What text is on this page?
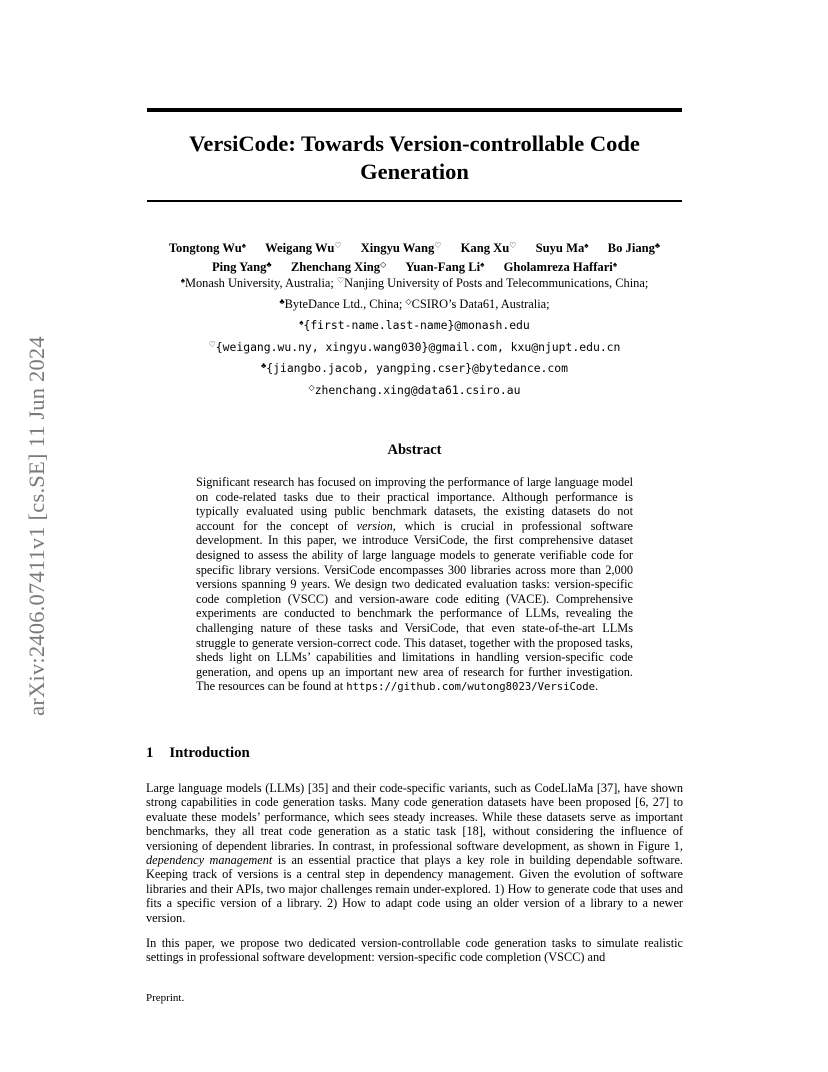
arXiv:2406.07411v1 [cs.SE] 11 Jun 2024
VersiCode: Towards Version-controllable Code Generation
Tongtong Wu♠ Weigang Wu♡ Xingyu Wang♡ Kang Xu♡ Suyu Ma♠ Bo Jiang♣
Ping Yang♣ Zhenchang Xing◇ Yuan-Fang Li♠ Gholamreza Haffari♠
♠Monash University, Australia; ♡Nanjing University of Posts and Telecommunications, China;
♣ByteDance Ltd., China; ◇CSIRO’s Data61, Australia;
♠{first-name.last-name}@monash.edu
♡{weigang.wu.ny, xingyu.wang030}@gmail.com, kxu@njupt.edu.cn
♣{jiangbo.jacob, yangping.cser}@bytedance.com
◇zhenchang.xing@data61.csiro.au
Abstract
Significant research has focused on improving the performance of large language model on code-related tasks due to their practical importance. Although performance is typically evaluated using public benchmark datasets, the existing datasets do not account for the concept of version, which is crucial in professional software development. In this paper, we introduce VersiCode, the first comprehensive dataset designed to assess the ability of large language models to generate verifiable code for specific library versions. VersiCode encompasses 300 libraries across more than 2,000 versions spanning 9 years. We design two dedicated evaluation tasks: version-specific code completion (VSCC) and version-aware code editing (VACE). Comprehensive experiments are conducted to benchmark the performance of LLMs, revealing the challenging nature of these tasks and VersiCode, that even state-of-the-art LLMs struggle to generate version-correct code. This dataset, together with the proposed tasks, sheds light on LLMs’ capabilities and limitations in handling version-specific code generation, and opens up an important new area of research for further investigation. The resources can be found at https://github.com/wutong8023/VersiCode.
1 Introduction

Large language models (LLMs) [35] and their code-specific variants, such as CodeLlaMa [37], have shown strong capabilities in code generation tasks. Many code generation datasets have been proposed [6, 27] to evaluate these models’ performance, which sees steady increases. While these datasets serve as important benchmarks, they all treat code generation as a static task [18], without considering the influence of versioning of dependent libraries. In contrast, in professional software development, as shown in Figure 1, dependency management is an essential practice that plays a key role in building dependable software. Keeping track of versions is a central step in dependency management. Given the evolution of software libraries and their APIs, two major challenges remain under-explored. 1) How to generate code that uses and fits a specific version of a library. 2) How to adapt code using an older version of a library to a newer version.

In this paper, we propose two dedicated version-controllable code generation tasks to simulate realistic settings in professional software development: version-specific code completion (VSCC) and

Preprint.
